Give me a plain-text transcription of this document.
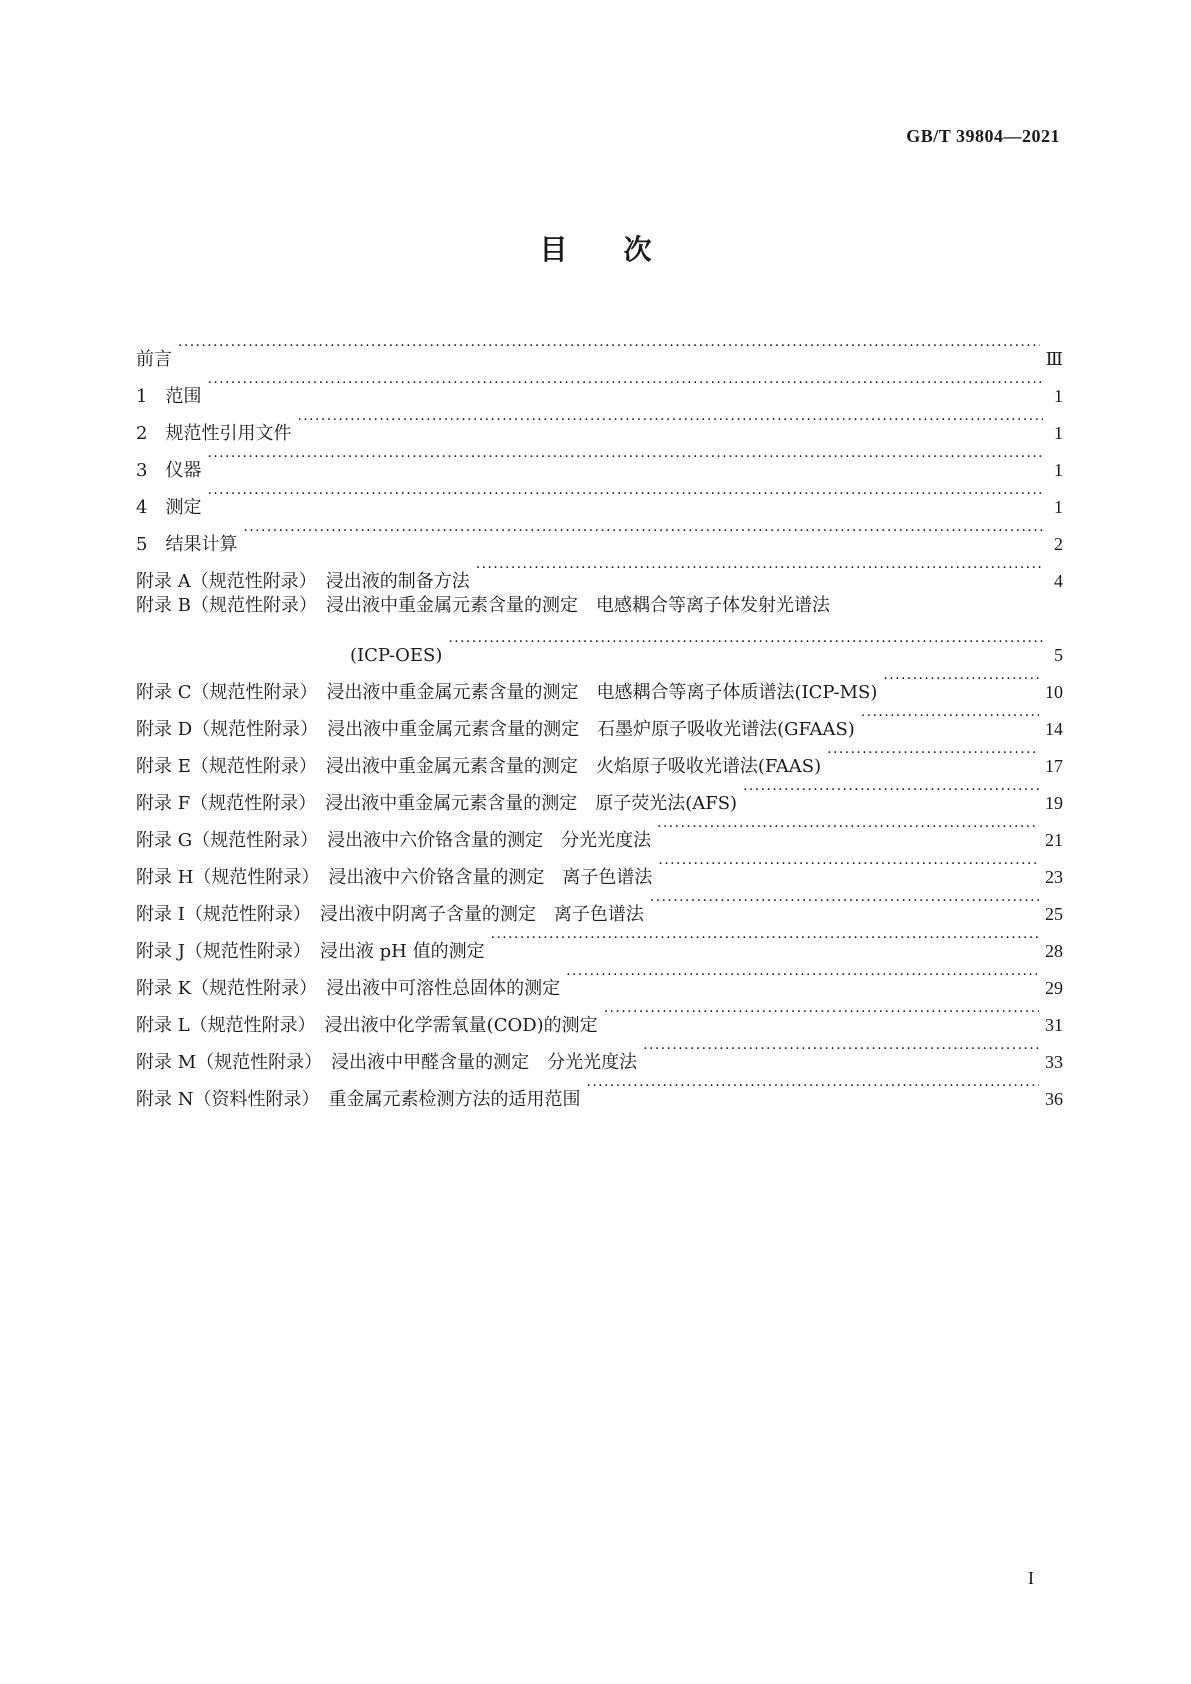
GB/T 39804—2021
目 次
前言 ·····	Ⅲ
1　范围 ·····	1
2　规范性引用文件 ·····	1
3　仪器 ·····	1
4　测定 ·····	1
5　结果计算 ·····	2
附录 A（规范性附录）　浸出液的制备方法 ·····	4
附录 B（规范性附录）　浸出液中重金属元素含量的测定　电感耦合等离子体发射光谱法
(ICP-OES) ·····	5
附录 C（规范性附录）　浸出液中重金属元素含量的测定　电感耦合等离子体质谱法(ICP-MS) ·····	10
附录 D（规范性附录）　浸出液中重金属元素含量的测定　石墨炉原子吸收光谱法(GFAAS) ·····	14
附录 E（规范性附录）　浸出液中重金属元素含量的测定　火焰原子吸收光谱法(FAAS) ·····	17
附录 F（规范性附录）　浸出液中重金属元素含量的测定　原子荧光法(AFS) ·····	19
附录 G（规范性附录）　浸出液中六价铬含量的测定　分光光度法 ·····	21
附录 H（规范性附录）　浸出液中六价铬含量的测定　离子色谱法 ·····	23
附录 I（规范性附录）　浸出液中阴离子含量的测定　离子色谱法 ·····	25
附录 J（规范性附录）　浸出液 pH 值的测定 ·····	28
附录 K（规范性附录）　浸出液中可溶性总固体的测定 ·····	29
附录 L（规范性附录）　浸出液中化学需氧量(COD)的测定 ·····	31
附录 M（规范性附录）　浸出液中甲醛含量的测定　分光光度法 ·····	33
附录 N（资料性附录）　重金属元素检测方法的适用范围 ·····	36
I
